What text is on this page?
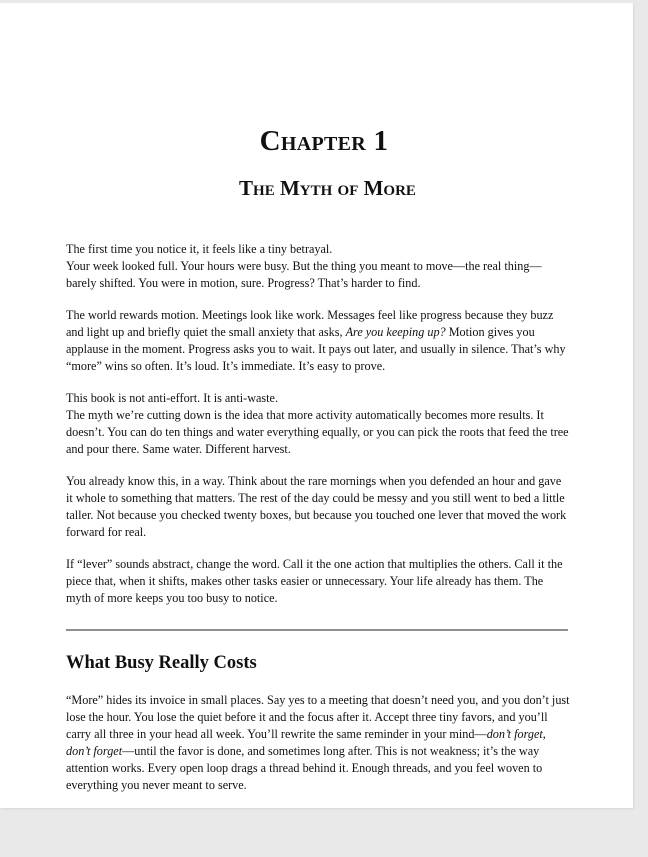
Chapter 1
The Myth of More

The first time you notice it, it feels like a tiny betrayal.
Your week looked full. Your hours were busy. But the thing you meant to move—the real thing—barely shifted. You were in motion, sure. Progress? That’s harder to find.

The world rewards motion. Meetings look like work. Messages feel like progress because they buzz and light up and briefly quiet the small anxiety that asks, Are you keeping up? Motion gives you applause in the moment. Progress asks you to wait. It pays out later, and usually in silence. That’s why “more” wins so often. It’s loud. It’s immediate. It’s easy to prove.

This book is not anti-effort. It is anti-waste.
The myth we’re cutting down is the idea that more activity automatically becomes more results. It doesn’t. You can do ten things and water everything equally, or you can pick the roots that feed the tree and pour there. Same water. Different harvest.

You already know this, in a way. Think about the rare mornings when you defended an hour and gave it whole to something that matters. The rest of the day could be messy and you still went to bed a little taller. Not because you checked twenty boxes, but because you touched one lever that moved the work forward for real.

If “lever” sounds abstract, change the word. Call it the one action that multiplies the others. Call it the piece that, when it shifts, makes other tasks easier or unnecessary. Your life already has them. The myth of more keeps you too busy to notice.

What Busy Really Costs

“More” hides its invoice in small places. Say yes to a meeting that doesn’t need you, and you don’t just lose the hour. You lose the quiet before it and the focus after it. Accept three tiny favors, and you’ll carry all three in your head all week. You’ll rewrite the same reminder in your mind—don’t forget, don’t forget—until the favor is done, and sometimes long after. This is not weakness; it’s the way attention works. Every open loop drags a thread behind it. Enough threads, and you feel woven to everything you never meant to serve.
